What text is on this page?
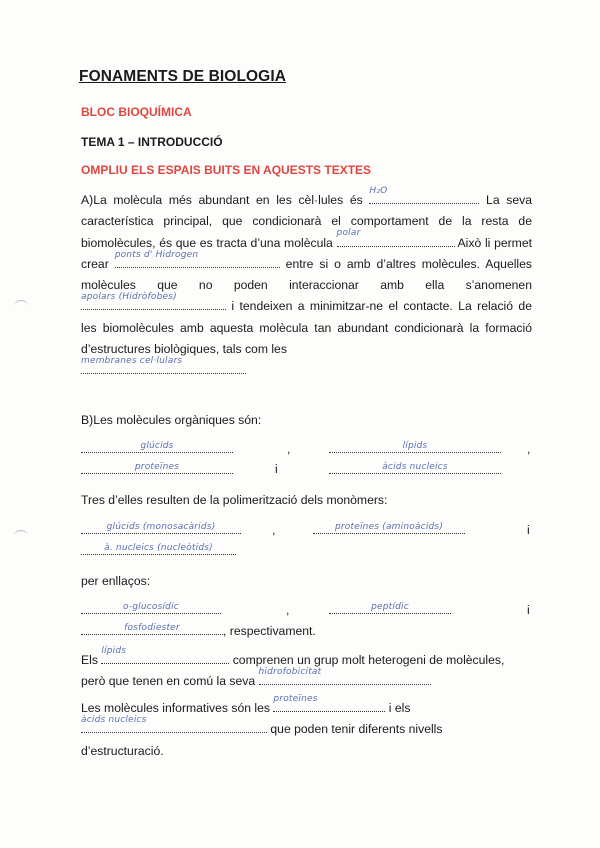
FONAMENTS DE BIOLOGIA
BLOC BIOQUÍMICA
TEMA 1 – INTRODUCCIÓ
OMPLIU ELS ESPAIS BUITS EN AQUESTS TEXTES

A)La molècula més abundant en les cèl·lules és
H₂O
La seva característica principal, que condicionarà el comportament de la resta de biomolècules, és que es tracta d’una molècula
polar
Això li permet crear
ponts d' Hidrogen
entre si o amb d’altres molècules. Aquelles molècules que no poden interaccionar amb ella s’anomenen
apolars (Hidròfobes)
i tendeixen a minimitzar-ne el contacte. La relació de les biomolècules amb aquesta molècula tan abundant condicionarà la formació d’estructures biològiques, tals com les

membranes cel·lulars

B)Les molècules orgàniques són:
glúcids	,	lípids	,
proteïnes	i	àcids nucleics
Tres d’elles resulten de la polimerització dels monòmers:
glúcids (monosacàrids)	,	proteïnes (aminoàcids)	i
à. nucleics (nucleòtids)
per enllaços:
o-glucosídic	,	peptídic	i
fosfodiester	, respectivament.

Els
lípids
comprenen un grup molt heterogeni de molècules,
però que tenen en comú la seva
hidrofobicitat

Les molècules informatives són les
proteïnes
i els

àcids nucleics
que poden tenir diferents nivells
d’estructuració.
